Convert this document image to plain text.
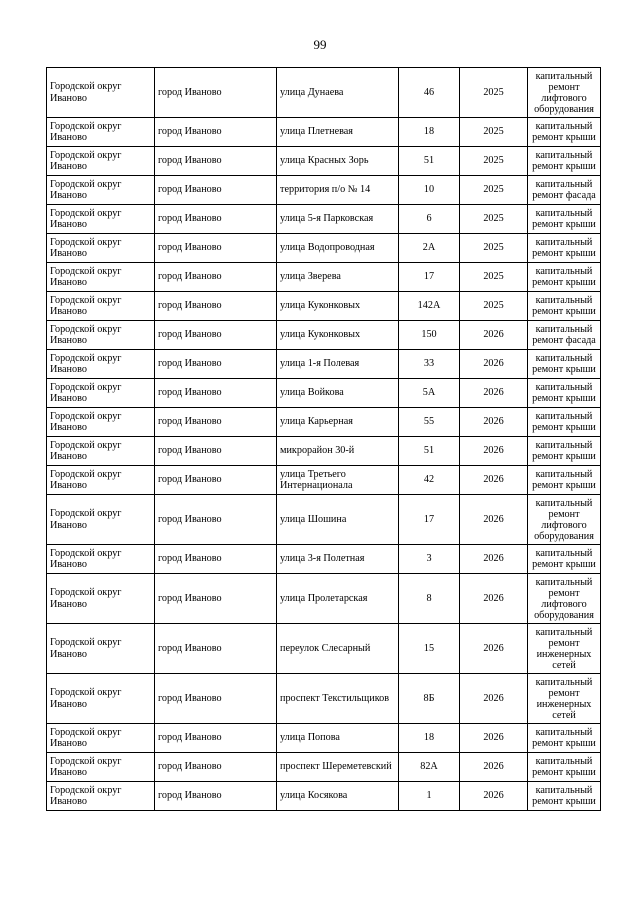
99
Городской округ Иваново	город Иваново	улица Дунаева	46	2025	капитальный ремонт лифтового оборудования
Городской округ Иваново	город Иваново	улица Плетневая	18	2025	капитальный ремонт крыши
Городской округ Иваново	город Иваново	улица Красных Зорь	51	2025	капитальный ремонт крыши
Городской округ Иваново	город Иваново	территория п/о № 14	10	2025	капитальный ремонт фасада
Городской округ Иваново	город Иваново	улица 5-я Парковская	6	2025	капитальный ремонт крыши
Городской округ Иваново	город Иваново	улица Водопроводная	2А	2025	капитальный ремонт крыши
Городской округ Иваново	город Иваново	улица Зверева	17	2025	капитальный ремонт крыши
Городской округ Иваново	город Иваново	улица Куконковых	142А	2025	капитальный ремонт крыши
Городской округ Иваново	город Иваново	улица Куконковых	150	2026	капитальный ремонт фасада
Городской округ Иваново	город Иваново	улица 1-я Полевая	33	2026	капитальный ремонт крыши
Городской округ Иваново	город Иваново	улица Войкова	5А	2026	капитальный ремонт крыши
Городской округ Иваново	город Иваново	улица Карьерная	55	2026	капитальный ремонт крыши
Городской округ Иваново	город Иваново	микрорайон 30-й	51	2026	капитальный ремонт крыши
Городской округ Иваново	город Иваново	улица Третьего Интернационала	42	2026	капитальный ремонт крыши
Городской округ Иваново	город Иваново	улица Шошина	17	2026	капитальный ремонт лифтового оборудования
Городской округ Иваново	город Иваново	улица 3-я Полетная	3	2026	капитальный ремонт крыши
Городской округ Иваново	город Иваново	улица Пролетарская	8	2026	капитальный ремонт лифтового оборудования
Городской округ Иваново	город Иваново	переулок Слесарный	15	2026	капитальный ремонт инженерных сетей
Городской округ Иваново	город Иваново	проспект Текстильщиков	8Б	2026	капитальный ремонт инженерных сетей
Городской округ Иваново	город Иваново	улица Попова	18	2026	капитальный ремонт крыши
Городской округ Иваново	город Иваново	проспект Шереметевский	82А	2026	капитальный ремонт крыши
Городской округ Иваново	город Иваново	улица Косякова	1	2026	капитальный ремонт крыши
